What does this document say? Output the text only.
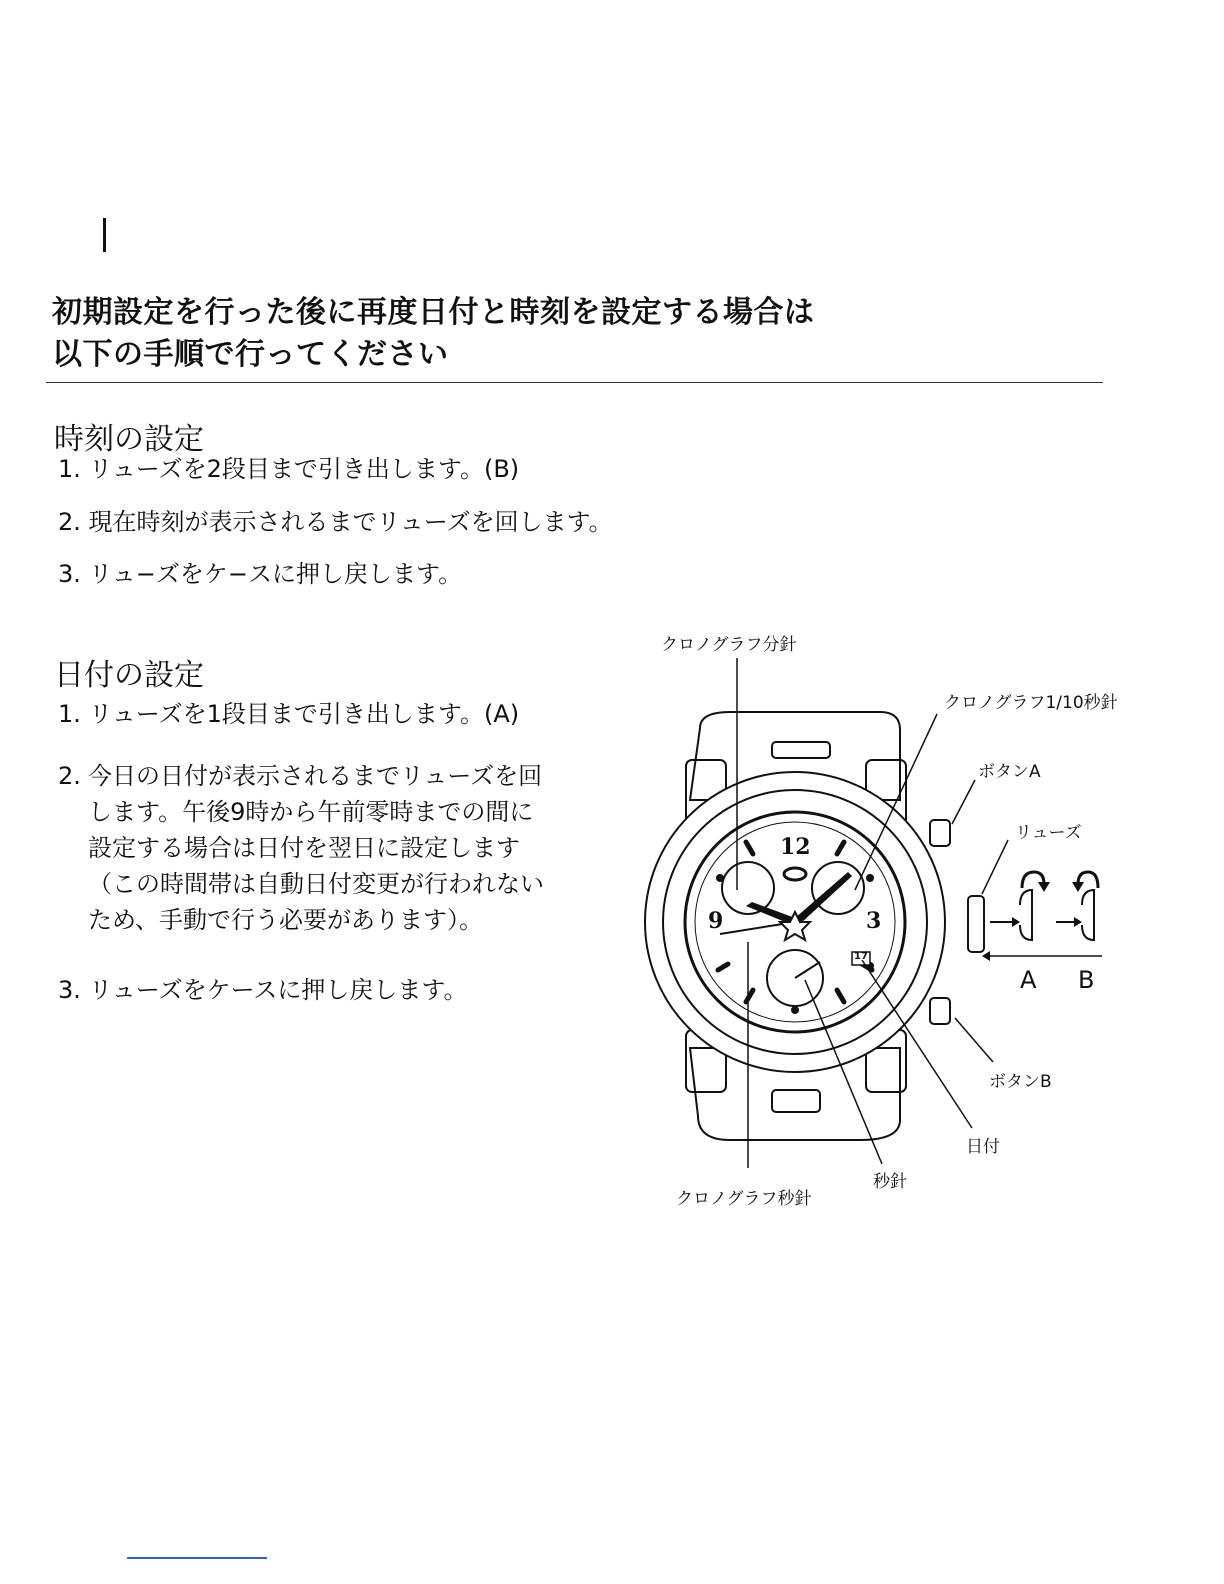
初期設定を行った後に再度日付と時刻を設定する場合は
以下の手順で行ってください
時刻の設定
1. リューズを2段目まで引き出します。(B)
2. 現在時刻が表示されるまでリューズを回します。
3. リュ−ズをケ−スに押し戻します。
日付の設定
1. リューズを1段目まで引き出します。(A)
2. 今日の日付が表示されるまでリューズを回
します。午後9時から午前零時までの間に
設定する場合は日付を翌日に設定します
（この時間帯は自動日付変更が行われない
ため、手動で行う必要があります）。
3. リューズをケースに押し戻します。
12
3
9
17
クロノグラフ分針
クロノグラフ1/10秒針
ボタンA
リューズ
A B
ボタンB
日付
秒針
クロノグラフ秒針
